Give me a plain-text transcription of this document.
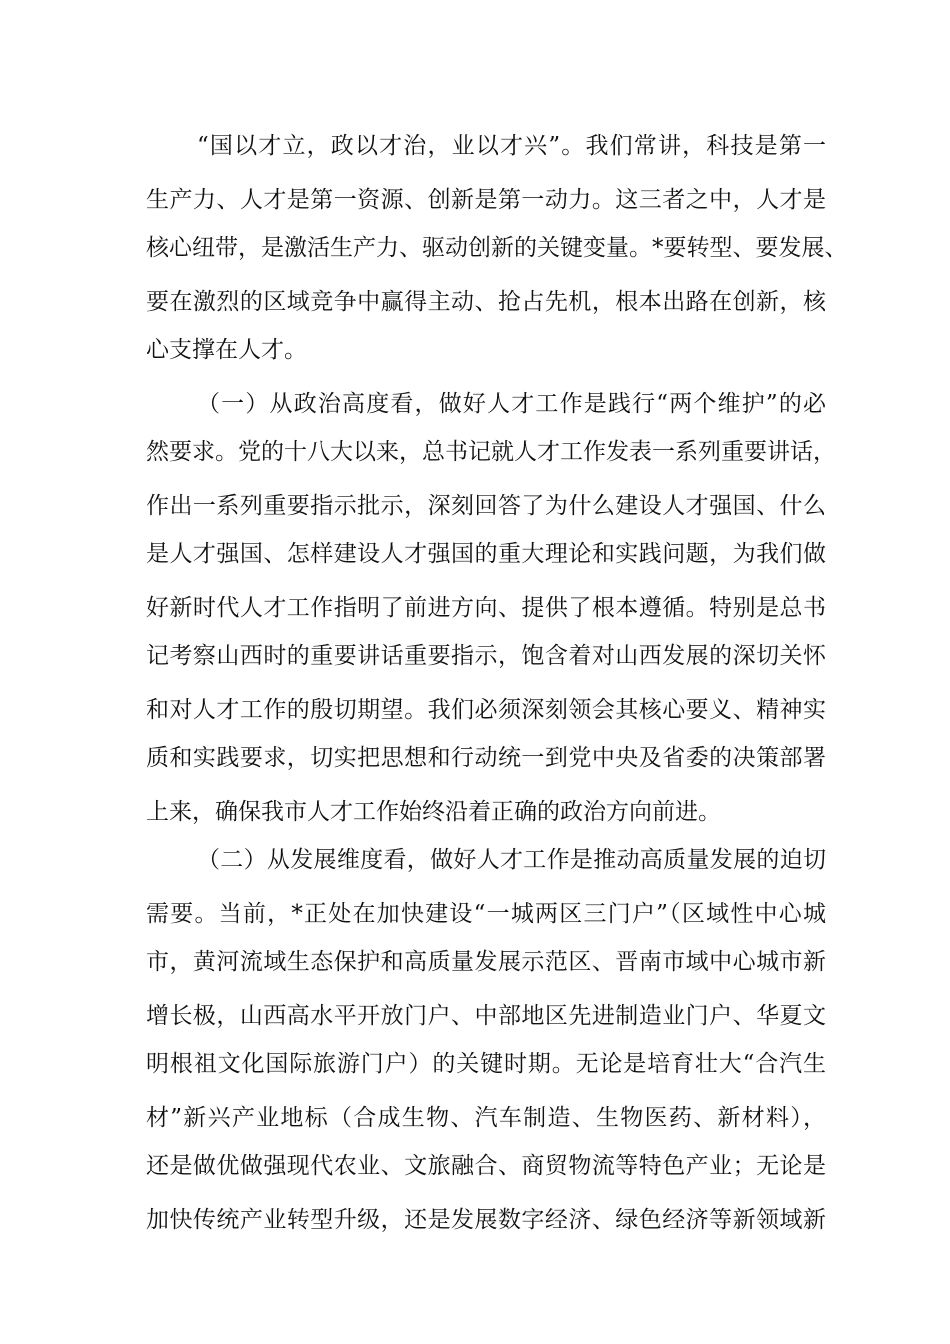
“国以才立，政以才治，业以才兴”。我们常讲，科技是第一
生产力、人才是第一资源、创新是第一动力。这三者之中，人才是
核心纽带，是激活生产力、驱动创新的关键变量。*要转型、要发展、
要在激烈的区域竞争中赢得主动、抢占先机，根本出路在创新，核
心支撑在人才。
（一）从政治高度看，做好人才工作是践行“两个维护”的必
然要求。党的十八大以来，总书记就人才工作发表一系列重要讲话，
作出一系列重要指示批示，深刻回答了为什么建设人才强国、什么
是人才强国、怎样建设人才强国的重大理论和实践问题，为我们做
好新时代人才工作指明了前进方向、提供了根本遵循。特别是总书
记考察山西时的重要讲话重要指示，饱含着对山西发展的深切关怀
和对人才工作的殷切期望。我们必须深刻领会其核心要义、精神实
质和实践要求，切实把思想和行动统一到党中央及省委的决策部署
上来，确保我市人才工作始终沿着正确的政治方向前进。
（二）从发展维度看，做好人才工作是推动高质量发展的迫切
需要。当前，*正处在加快建设“一城两区三门户”（区域性中心城
市，黄河流域生态保护和高质量发展示范区、晋南市域中心城市新
增长极，山西高水平开放门户、中部地区先进制造业门户、华夏文
明根祖文化国际旅游门户）的关键时期。无论是培育壮大“合汽生
材”新兴产业地标（合成生物、汽车制造、生物医药、新材料），
还是做优做强现代农业、文旅融合、商贸物流等特色产业；无论是
加快传统产业转型升级，还是发展数字经济、绿色经济等新领域新
